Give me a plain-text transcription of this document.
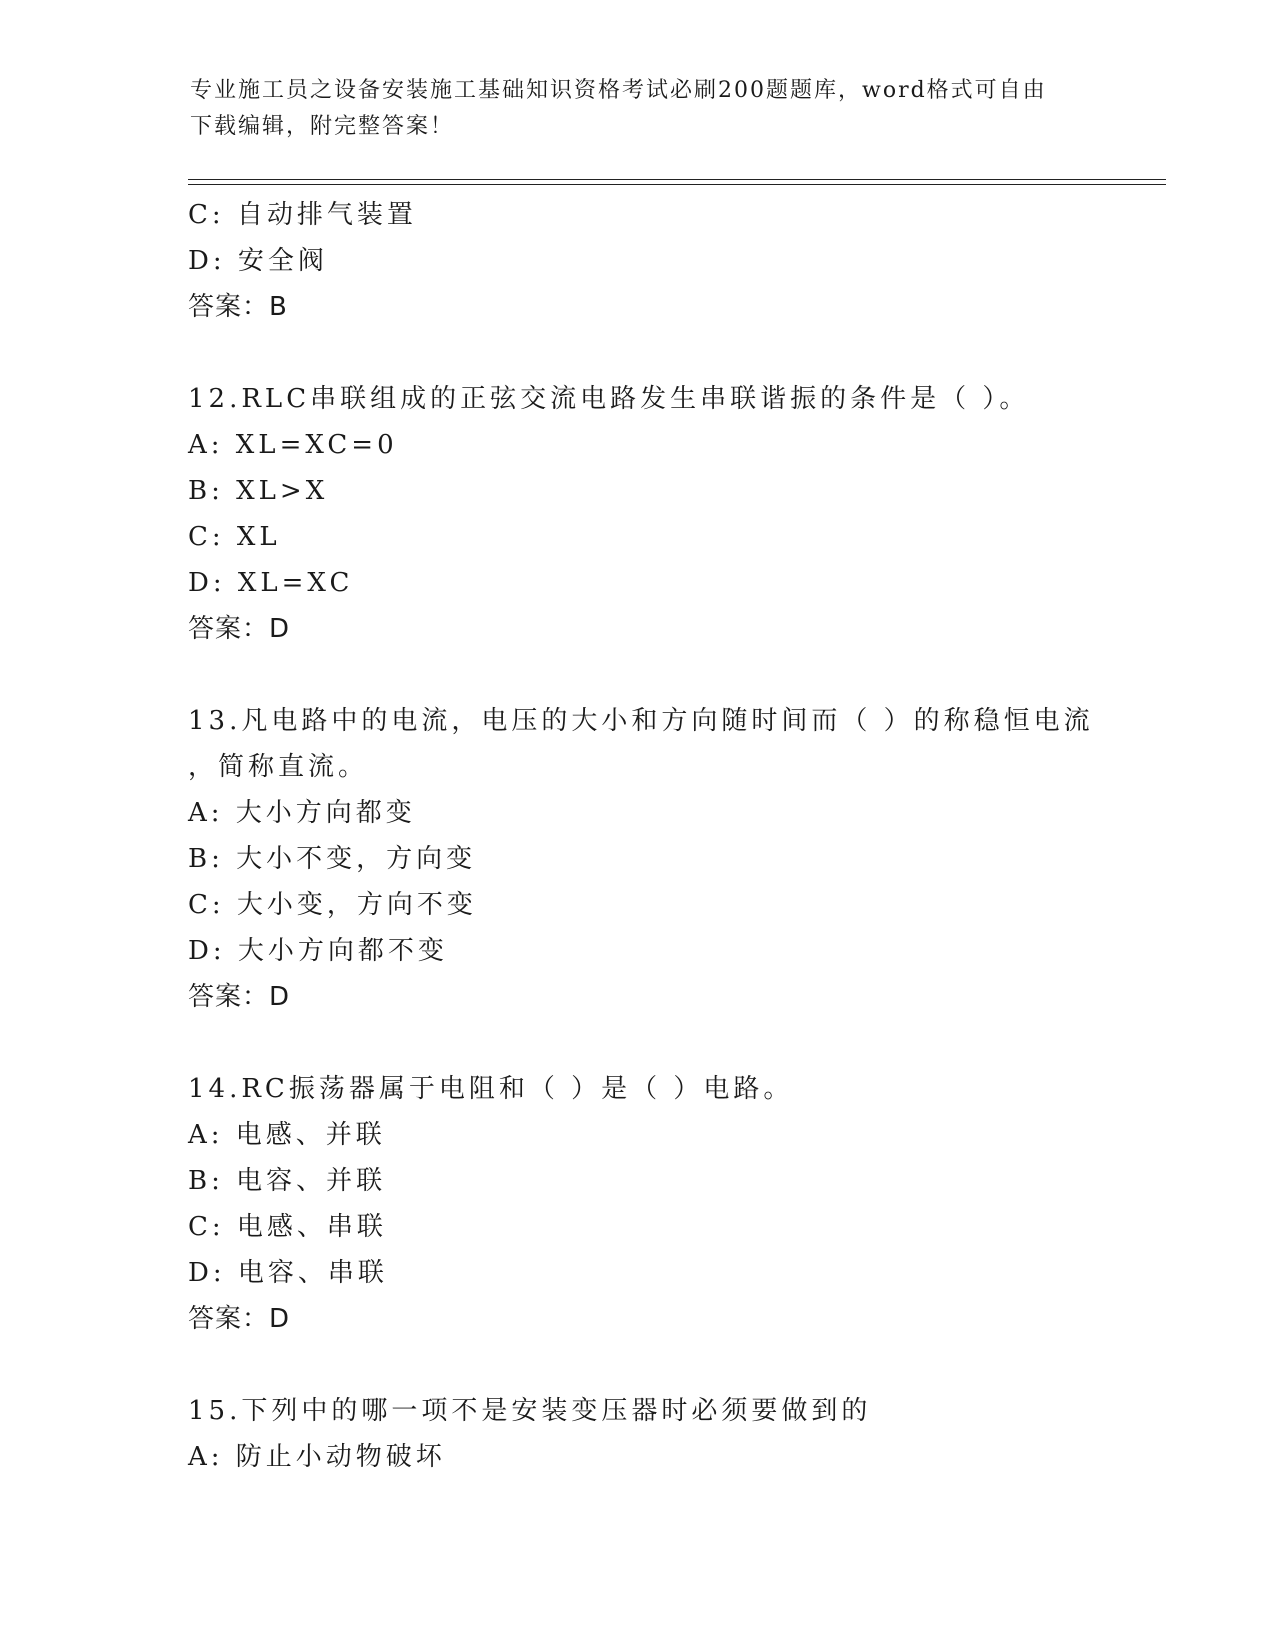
专业施工员之设备安装施工基础知识资格考试必刷200题题库，word格式可自由
下载编辑，附完整答案！
C: 自动排气装置
D: 安全阀
答案：B
12.RLC串联组成的正弦交流电路发生串联谐振的条件是（ ）。
A: XL=XC=0
B: XL>X
C: XL
D: XL=XC
答案：D
13.凡电路中的电流，电压的大小和方向随时间而（ ）的称稳恒电流
，简称直流。
A: 大小方向都变
B: 大小不变，方向变
C: 大小变，方向不变
D: 大小方向都不变
答案：D
14.RC振荡器属于电阻和（ ）是（ ）电路。
A: 电感、并联
B: 电容、并联
C: 电感、串联
D: 电容、串联
答案：D
15.下列中的哪一项不是安装变压器时必须要做到的
A: 防止小动物破坏
